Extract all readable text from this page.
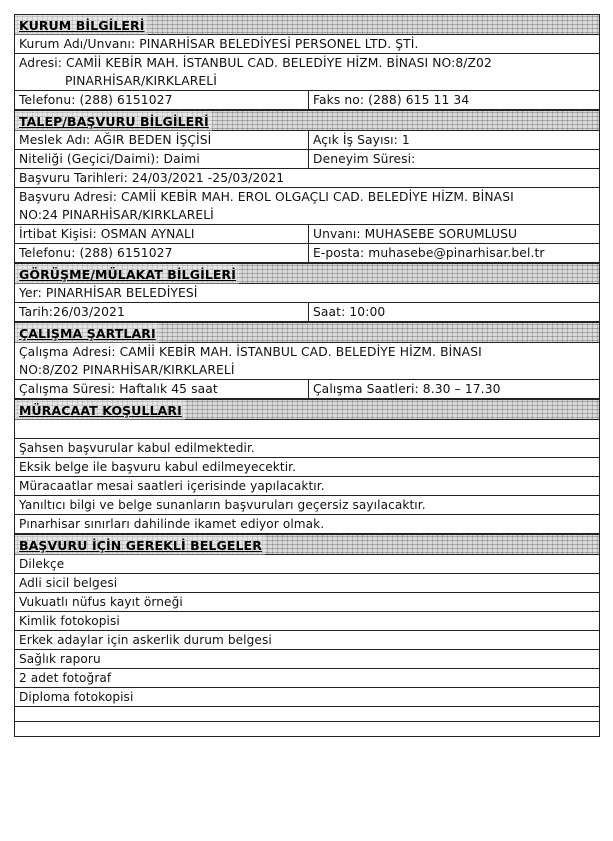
KURUM BİLGİLERİ
Kurum Adı/Unvanı: PINARHİSAR BELEDİYESİ PERSONEL LTD. ŞTİ.
Adresi: CAMİİ KEBİR MAH. İSTANBUL CAD. BELEDİYE HİZM. BİNASI NO:8/Z02
PINARHİSAR/KIRKLARELİ
Telefonu: (288) 6151027	Faks no: (288) 615 11 34
TALEP/BAŞVURU BİLGİLERİ
Meslek Adı: AĞIR BEDEN İŞÇİSİ	Açık İş Sayısı: 1
Niteliği (Geçici/Daimi): Daimi	Deneyim Süresi:
Başvuru Tarihleri: 24/03/2021 -25/03/2021
Başvuru Adresi: CAMİİ KEBİR MAH. EROL OLGAÇLI CAD. BELEDİYE HİZM. BİNASI
NO:24 PINARHİSAR/KIRKLARELİ
İrtibat Kişisi: OSMAN AYNALI	Unvanı: MUHASEBE SORUMLUSU
Telefonu: (288) 6151027	E-posta: muhasebe@pinarhisar.bel.tr
GÖRÜŞME/MÜLAKAT BİLGİLERİ
Yer: PINARHİSAR BELEDİYESİ
Tarih:26/03/2021	Saat: 10:00
ÇALIŞMA ŞARTLARI
Çalışma Adresi: CAMİİ KEBİR MAH. İSTANBUL CAD. BELEDİYE HİZM. BİNASI
NO:8/Z02 PINARHİSAR/KIRKLARELİ
Çalışma Süresi: Haftalık 45 saat	Çalışma Saatleri: 8.30 – 17.30
MÜRACAAT KOŞULLARI
Şahsen başvurular kabul edilmektedir.
Eksik belge ile başvuru kabul edilmeyecektir.
Müracaatlar mesai saatleri içerisinde yapılacaktır.
Yanıltıcı bilgi ve belge sunanların başvuruları geçersiz sayılacaktır.
Pınarhisar sınırları dahilinde ikamet ediyor olmak.
BAŞVURU İÇİN GEREKLİ BELGELER
Dilekçe
Adli sicil belgesi
Vukuatlı nüfus kayıt örneği
Kimlik fotokopisi
Erkek adaylar için askerlik durum belgesi
Sağlık raporu
2 adet fotoğraf
Diploma fotokopisi
